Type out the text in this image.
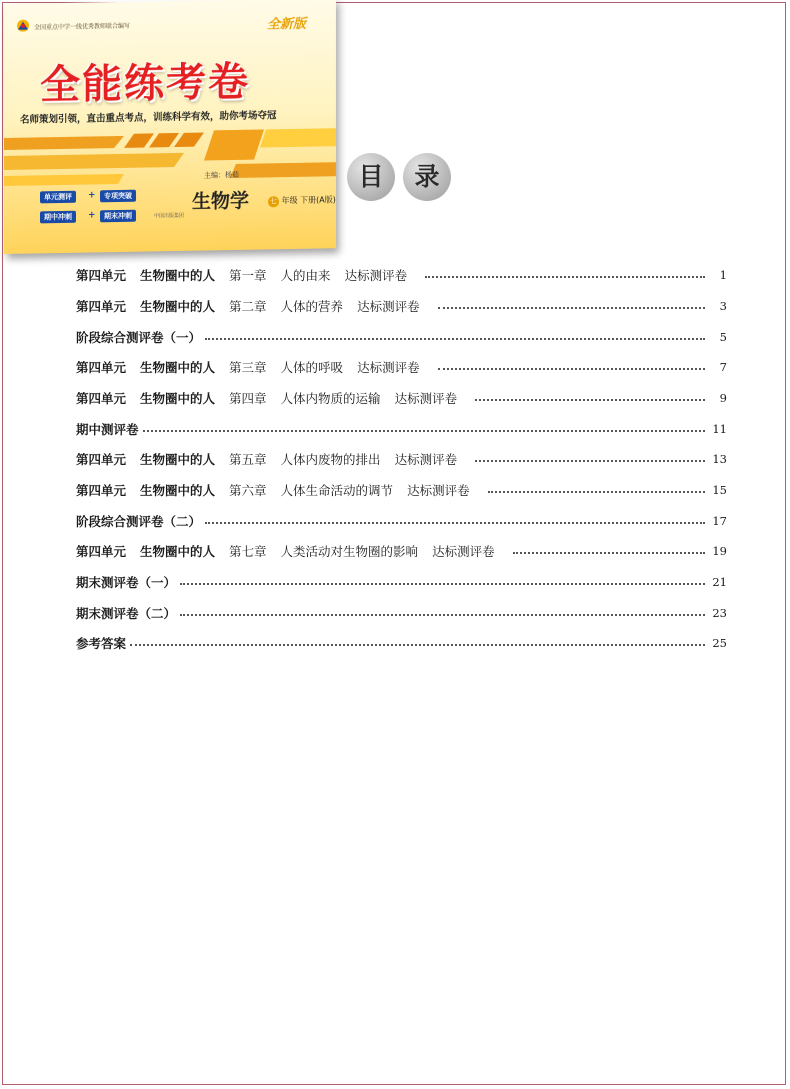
全国重点中学一线优秀教师联合编写	全新版
全能练考卷
名师策划引领，直击重点考点，训练科学有效，助你考场夺冠
主编：杨茹
生物学	七 年级 下册(A版)
单元测评	+	专项突破
期中冲刺	+	期末冲刺	中国出版集团
目	录
第四单元 生物圈中的人 第一章 人的由来 达标测评卷	1
第四单元 生物圈中的人 第二章 人体的营养 达标测评卷	3
阶段综合测评卷（一）	5
第四单元 生物圈中的人 第三章 人体的呼吸 达标测评卷	7
第四单元 生物圈中的人 第四章 人体内物质的运输 达标测评卷	9
期中测评卷	11
第四单元 生物圈中的人 第五章 人体内废物的排出 达标测评卷	13
第四单元 生物圈中的人 第六章 人体生命活动的调节 达标测评卷	15
阶段综合测评卷（二）	17
第四单元 生物圈中的人 第七章 人类活动对生物圈的影响 达标测评卷	19
期末测评卷（一）	21
期末测评卷（二）	23
参考答案	25
